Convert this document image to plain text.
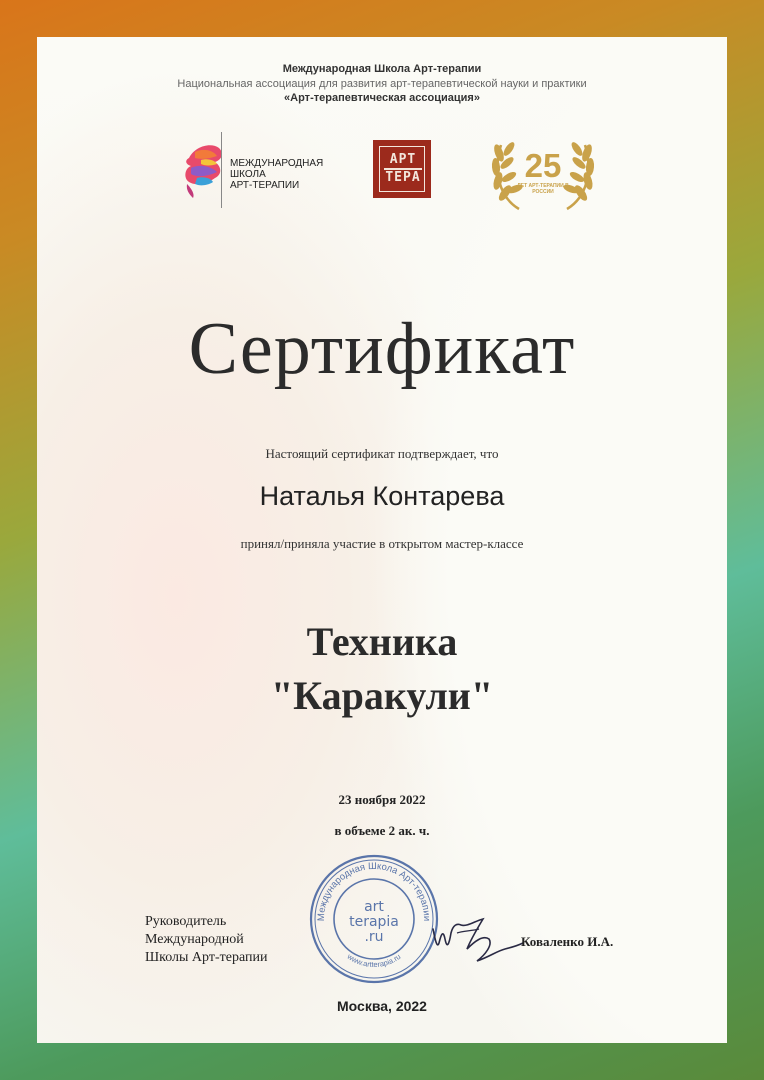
Международная Школа Арт-терапии
Национальная ассоциация для развития арт-терапевтической науки и практики
«Арт-терапевтическая ассоциация»
МЕЖДУНАРОДНАЯ
ШКОЛА
АРТ-ТЕРАПИИ
АРТ
ТЕРА	25
ЛЕТ АРТ-ТЕРАПИИ В РОССИИ
Сертификат
Настоящий сертификат подтверждает, что
Наталья Контарева
принял/приняла участие в открытом мастер-классе
Техника
"Каракули"
23 ноября 2022
в объеме 2 ак. ч.
Руководитель
Международной
Школы Арт-терапии
Международная Школа Арт-терапии
www.artterapia.ru
art
terapia
.ru	Коваленко И.А.
Москва, 2022
